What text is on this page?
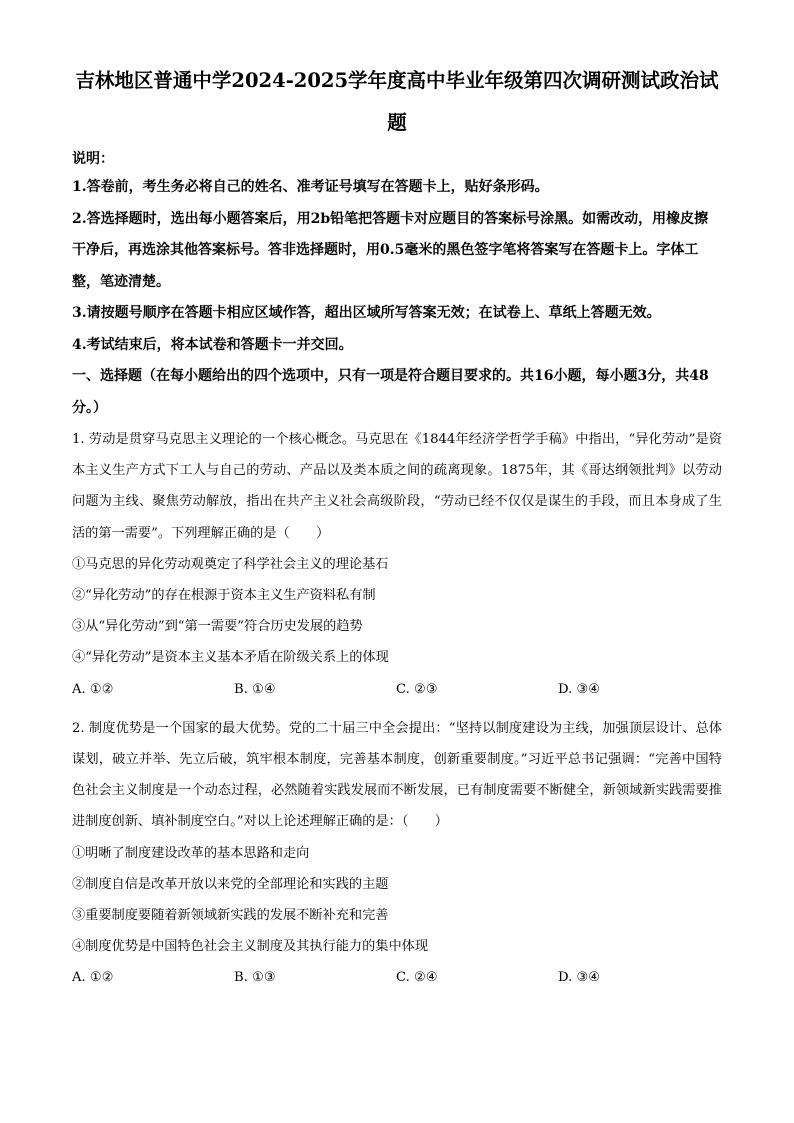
吉林地区普通中学2024-2025学年度高中毕业年级第四次调研测试政治试题
说明：
1.答卷前，考生务必将自己的姓名、准考证号填写在答题卡上，贴好条形码。
2.答选择题时，选出每小题答案后，用2b铅笔把答题卡对应题目的答案标号涂黑。如需改动，用橡皮擦干净后，再选涂其他答案标号。答非选择题时，用0.5毫米的黑色签字笔将答案写在答题卡上。字体工整，笔迹清楚。
3.请按题号顺序在答题卡相应区域作答，超出区域所写答案无效；在试卷上、草纸上答题无效。
4.考试结束后，将本试卷和答题卡一并交回。
一、选择题（在每小题给出的四个选项中，只有一项是符合题目要求的。共16小题，每小题3分，共48分。）
1. 劳动是贯穿马克思主义理论的一个核心概念。马克思在《1844年经济学哲学手稿》中指出，“异化劳动”是资本主义生产方式下工人与自己的劳动、产品以及类本质之间的疏离现象。1875年，其《哥达纲领批判》以劳动问题为主线、聚焦劳动解放，指出在共产主义社会高级阶段，“劳动已经不仅仅是谋生的手段，而且本身成了生活的第一需要”。下列理解正确的是（　　）
①马克思的异化劳动观奠定了科学社会主义的理论基石
②“异化劳动”的存在根源于资本主义生产资料私有制
③从“异化劳动”到“第一需要”符合历史发展的趋势
④“异化劳动”是资本主义基本矛盾在阶级关系上的体现
A. ①②	B. ①④	C. ②③	D. ③④
2. 制度优势是一个国家的最大优势。党的二十届三中全会提出：“坚持以制度建设为主线，加强顶层设计、总体谋划，破立并举、先立后破，筑牢根本制度，完善基本制度，创新重要制度。”习近平总书记强调：“完善中国特色社会主义制度是一个动态过程，必然随着实践发展而不断发展，已有制度需要不断健全，新领域新实践需要推进制度创新、填补制度空白。”对以上论述理解正确的是：（　　）
①明晰了制度建设改革的基本思路和走向
②制度自信是改革开放以来党的全部理论和实践的主题
③重要制度要随着新领域新实践的发展不断补充和完善
④制度优势是中国特色社会主义制度及其执行能力的集中体现
A. ①②	B. ①③	C. ②④	D. ③④
